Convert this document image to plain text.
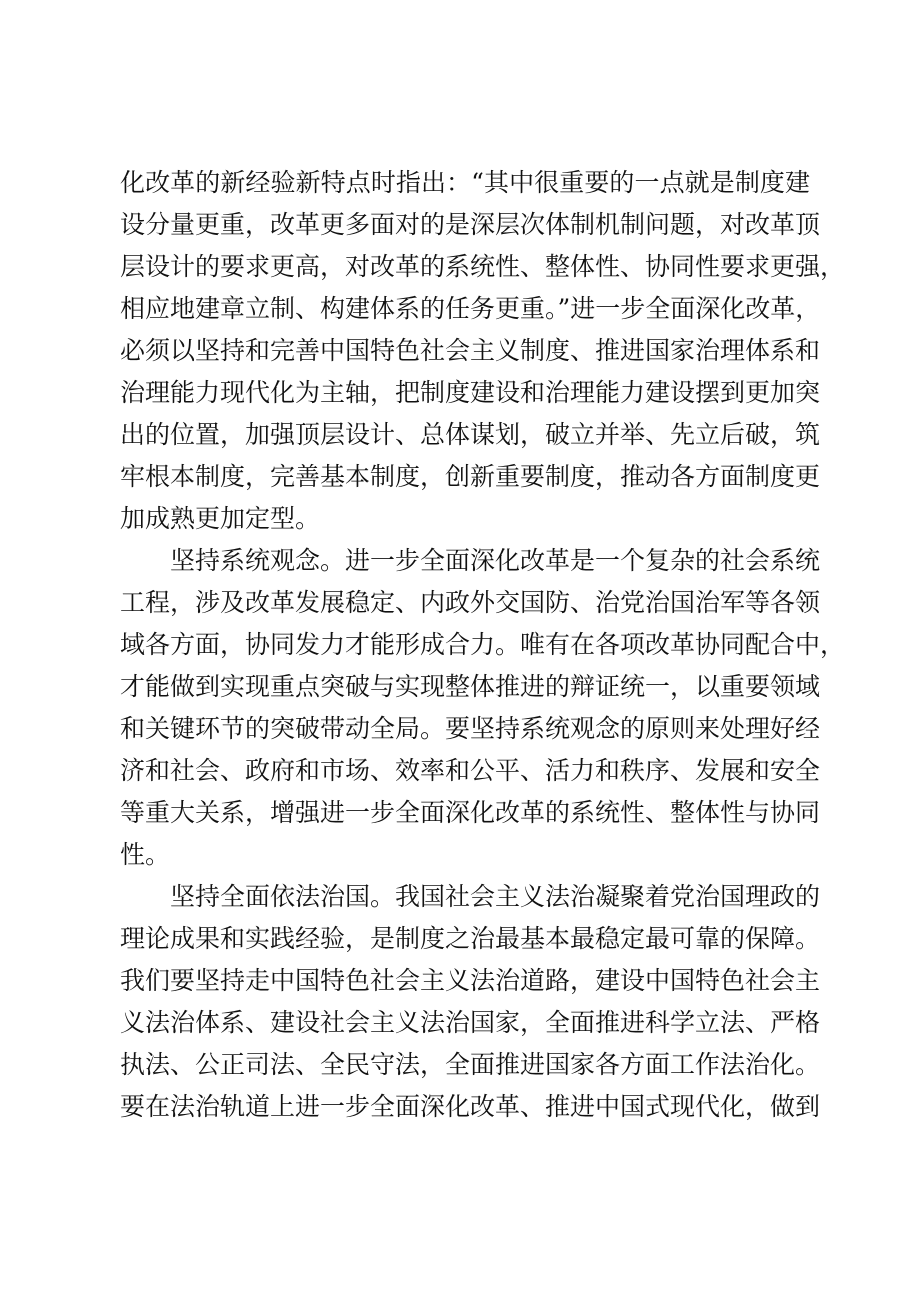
化改革的新经验新特点时指出：“其中很重要的一点就是制度建
设分量更重，改革更多面对的是深层次体制机制问题，对改革顶
层设计的要求更高，对改革的系统性、整体性、协同性要求更强，
相应地建章立制、构建体系的任务更重。”进一步全面深化改革，
必须以坚持和完善中国特色社会主义制度、推进国家治理体系和
治理能力现代化为主轴，把制度建设和治理能力建设摆到更加突
出的位置，加强顶层设计、总体谋划，破立并举、先立后破，筑
牢根本制度，完善基本制度，创新重要制度，推动各方面制度更
加成熟更加定型。
坚持系统观念。进一步全面深化改革是一个复杂的社会系统
工程，涉及改革发展稳定、内政外交国防、治党治国治军等各领
域各方面，协同发力才能形成合力。唯有在各项改革协同配合中，
才能做到实现重点突破与实现整体推进的辩证统一，以重要领域
和关键环节的突破带动全局。要坚持系统观念的原则来处理好经
济和社会、政府和市场、效率和公平、活力和秩序、发展和安全
等重大关系，增强进一步全面深化改革的系统性、整体性与协同
性。
坚持全面依法治国。我国社会主义法治凝聚着党治国理政的
理论成果和实践经验，是制度之治最基本最稳定最可靠的保障。
我们要坚持走中国特色社会主义法治道路，建设中国特色社会主
义法治体系、建设社会主义法治国家，全面推进科学立法、严格
执法、公正司法、全民守法，全面推进国家各方面工作法治化。
要在法治轨道上进一步全面深化改革、推进中国式现代化，做到
